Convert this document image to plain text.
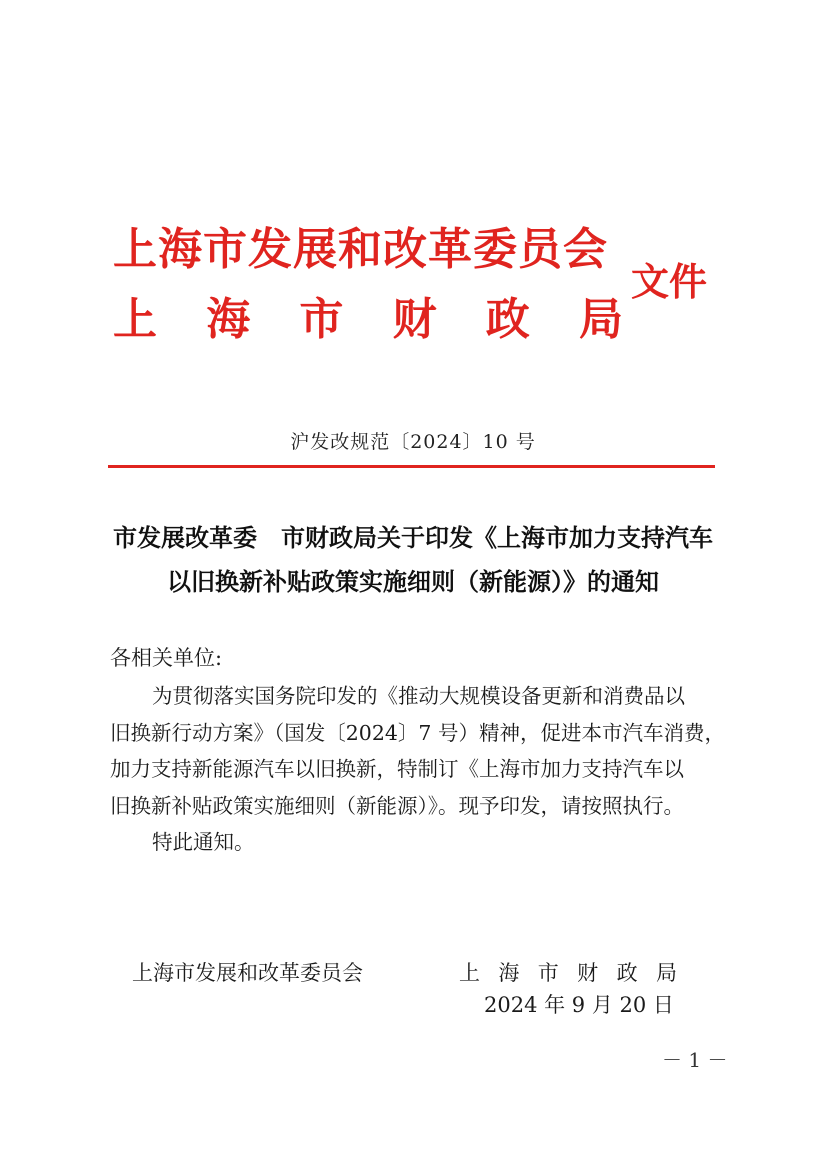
上海市发展和改革委员会
上 海 市 财 政 局
文件
沪发改规范〔2024〕10 号
市发展改革委　市财政局关于印发《上海市加力支持汽车
以旧换新补贴政策实施细则（新能源）》的通知
各相关单位:
为贯彻落实国务院印发的《推动大规模设备更新和消费品以
旧换新行动方案》（国发〔2024〕7 号）精神，促进本市汽车消费，
加力支持新能源汽车以旧换新，特制订《上海市加力支持汽车以
旧换新补贴政策实施细则（新能源）》。现予印发，请按照执行。
特此通知。
上海市发展和改革委员会	上 海 市 财 政 局
2024 年 9 月 20 日
－ 1 －
